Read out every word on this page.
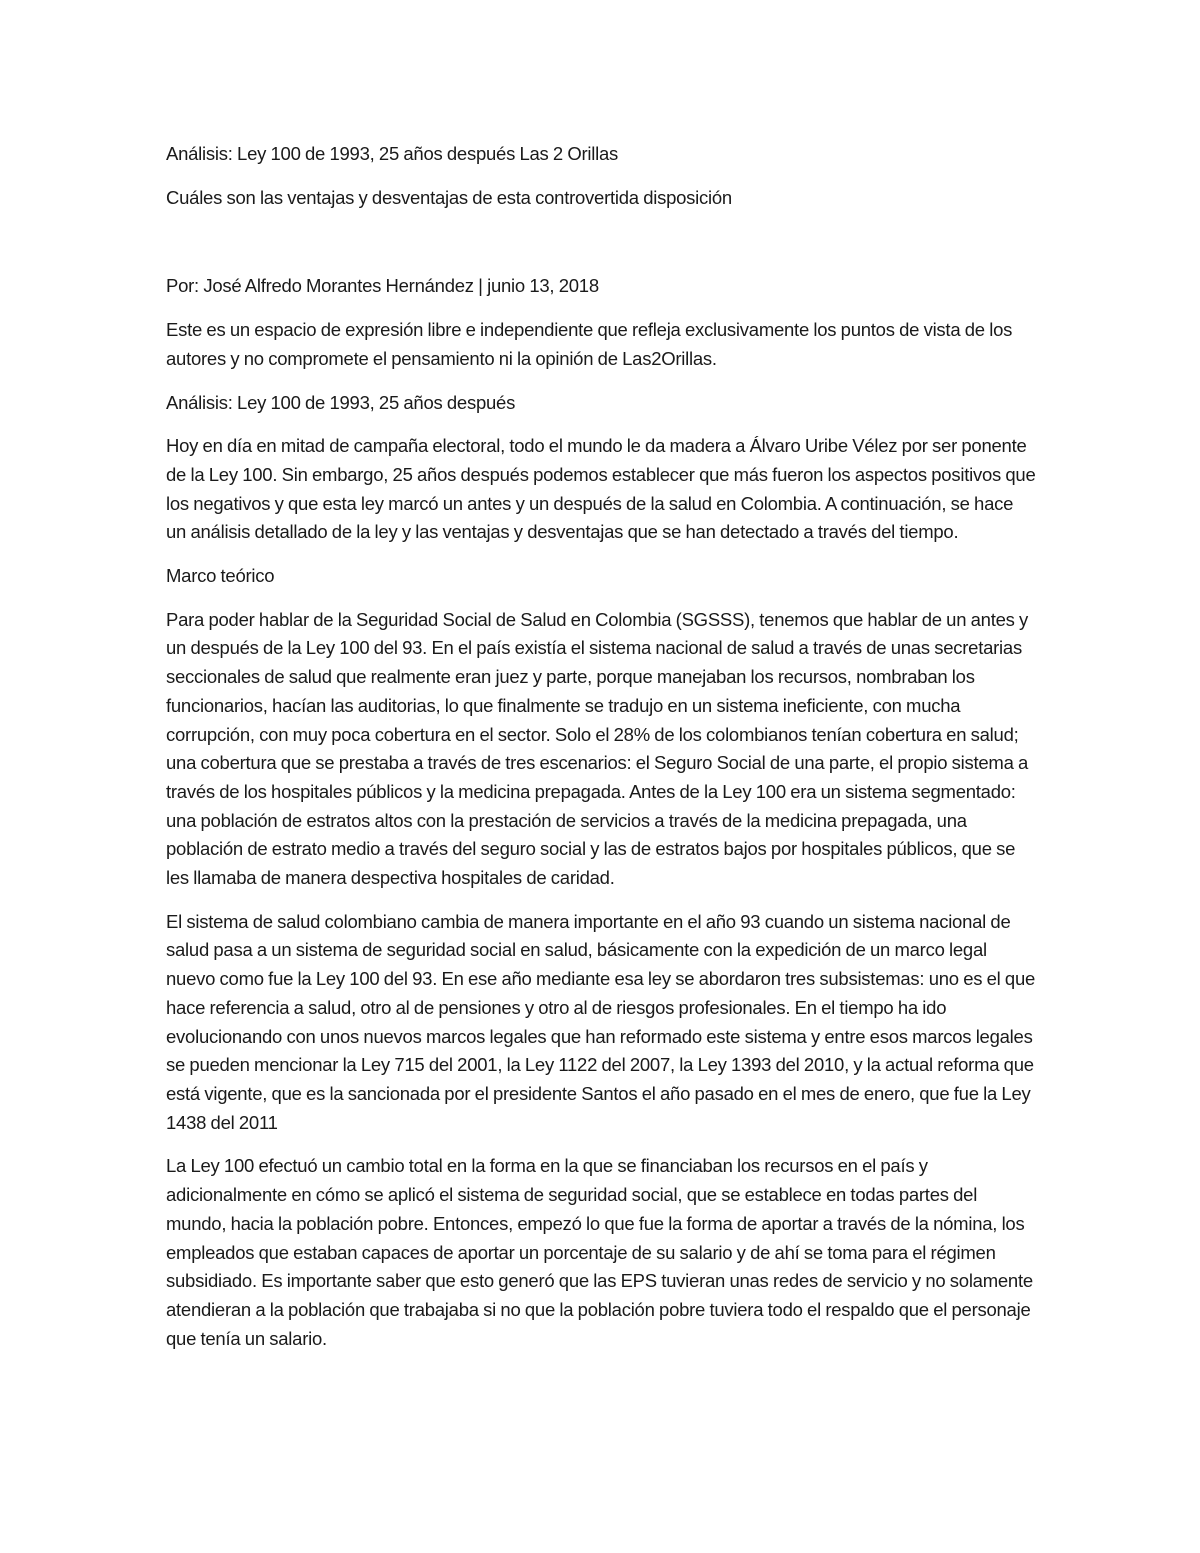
Análisis: Ley 100 de 1993, 25 años después Las 2 Orillas

Cuáles son las ventajas y desventajas de esta controvertida disposición

Por: José Alfredo Morantes Hernández | junio 13, 2018

Este es un espacio de expresión libre e independiente que refleja exclusivamente los puntos de vista de los autores y no compromete el pensamiento ni la opinión de Las2Orillas.

Análisis: Ley 100 de 1993, 25 años después

Hoy en día en mitad de campaña electoral, todo el mundo le da madera a Álvaro Uribe Vélez por ser ponente de la Ley 100. Sin embargo, 25 años después podemos establecer que más fueron los aspectos positivos que los negativos y que esta ley marcó un antes y un después de la salud en Colombia. A continuación, se hace un análisis detallado de la ley y las ventajas y desventajas que se han detectado a través del tiempo.

Marco teórico

Para poder hablar de la Seguridad Social de Salud en Colombia (SGSSS), tenemos que hablar de un antes y un después de la Ley 100 del 93. En el país existía el sistema nacional de salud a través de unas secretarias seccionales de salud que realmente eran juez y parte, porque manejaban los recursos, nombraban los funcionarios, hacían las auditorias, lo que finalmente se tradujo en un sistema ineficiente, con mucha corrupción, con muy poca cobertura en el sector. Solo el 28% de los colombianos tenían cobertura en salud; una cobertura que se prestaba a través de tres escenarios: el Seguro Social de una parte, el propio sistema a través de los hospitales públicos y la medicina prepagada. Antes de la Ley 100 era un sistema segmentado: una población de estratos altos con la prestación de servicios a través de la medicina prepagada, una población de estrato medio a través del seguro social y las de estratos bajos por hospitales públicos, que se les llamaba de manera despectiva hospitales de caridad.

El sistema de salud colombiano cambia de manera importante en el año 93 cuando un sistema nacional de salud pasa a un sistema de seguridad social en salud, básicamente con la expedición de un marco legal nuevo como fue la Ley 100 del 93. En ese año mediante esa ley se abordaron tres subsistemas: uno es el que hace referencia a salud, otro al de pensiones y otro al de riesgos profesionales. En el tiempo ha ido evolucionando con unos nuevos marcos legales que han reformado este sistema y entre esos marcos legales se pueden mencionar la Ley 715 del 2001, la Ley 1122 del 2007, la Ley 1393 del 2010, y la actual reforma que está vigente, que es la sancionada por el presidente Santos el año pasado en el mes de enero, que fue la Ley 1438 del 2011

La Ley 100 efectuó un cambio total en la forma en la que se financiaban los recursos en el país y adicionalmente en cómo se aplicó el sistema de seguridad social, que se establece en todas partes del mundo, hacia la población pobre. Entonces, empezó lo que fue la forma de aportar a través de la nómina, los empleados que estaban capaces de aportar un porcentaje de su salario y de ahí se toma para el régimen subsidiado. Es importante saber que esto generó que las EPS tuvieran unas redes de servicio y no solamente atendieran a la población que trabajaba si no que la población pobre tuviera todo el respaldo que el personaje que tenía un salario.
